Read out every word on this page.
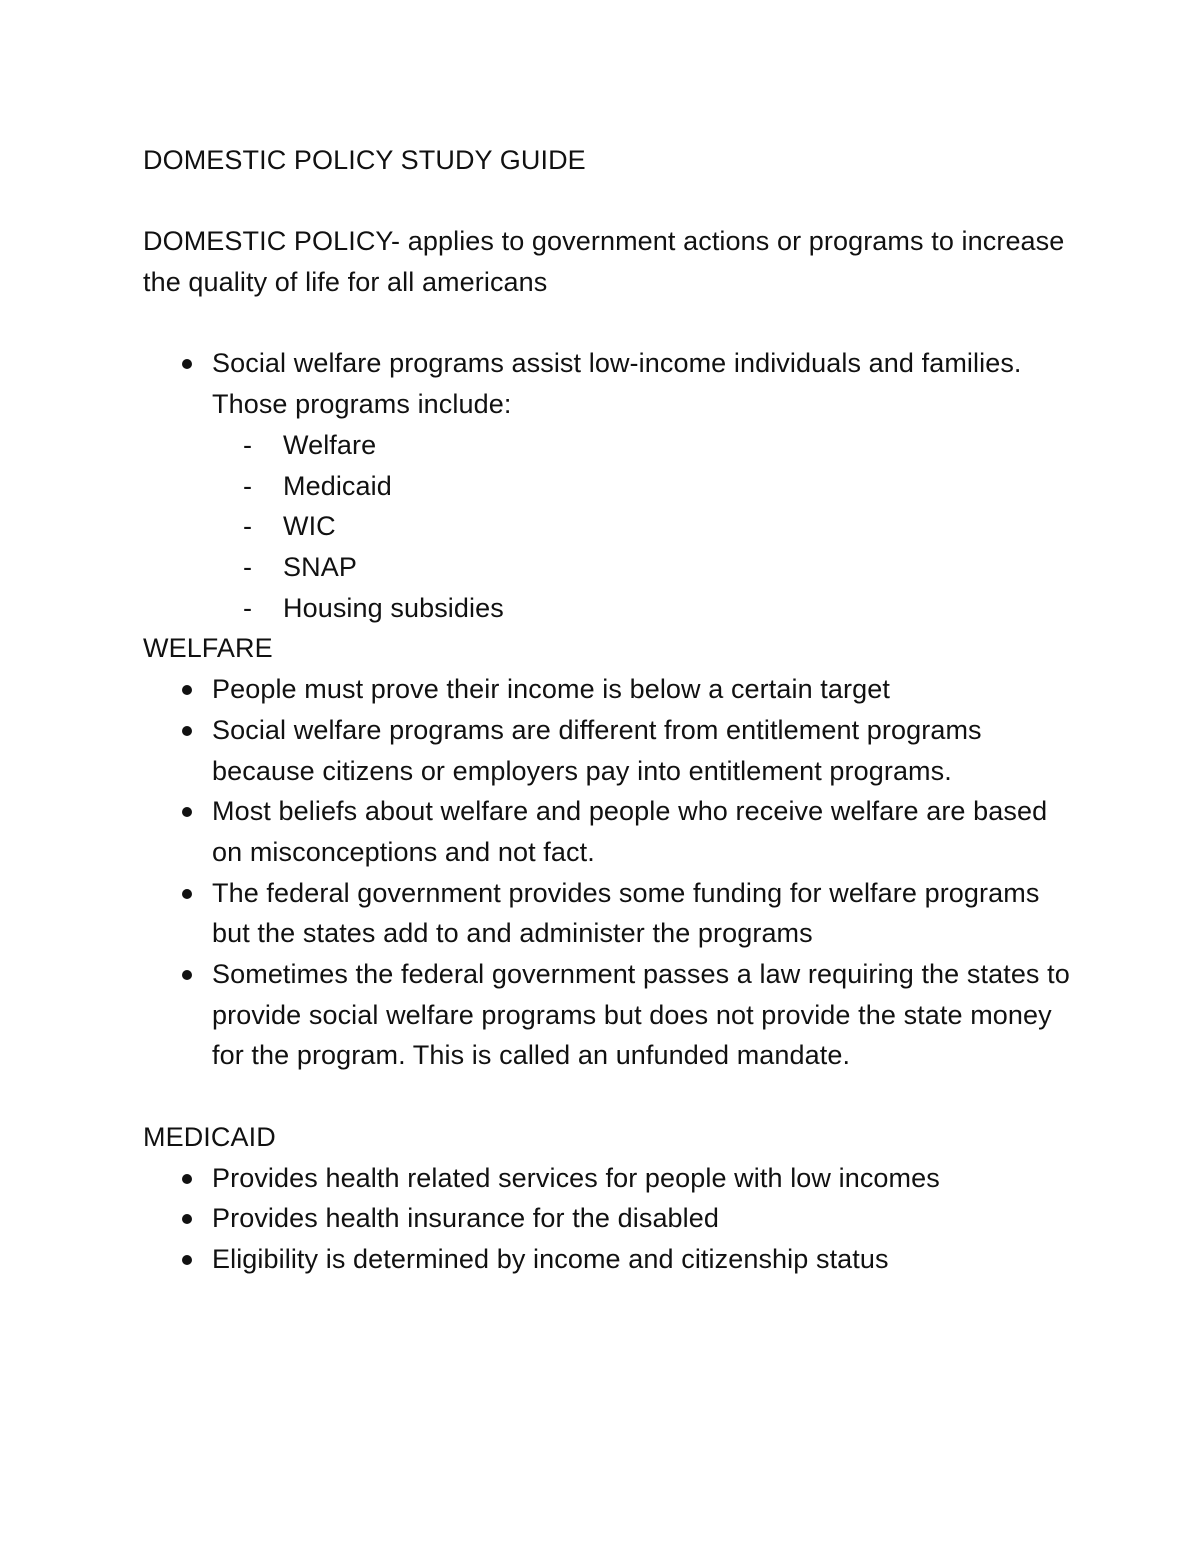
DOMESTIC POLICY STUDY GUIDE

DOMESTIC POLICY- applies to government actions or programs to increase the quality of life for all americans

Social welfare programs assist low-income individuals and families. Those programs include:
- Welfare
- Medicaid
- WIC
- SNAP
- Housing subsidies

WELFARE

People must prove their income is below a certain target
Social welfare programs are different from entitlement programs because citizens or employers pay into entitlement programs.
Most beliefs about welfare and people who receive welfare are based on misconceptions and not fact.
The federal government provides some funding for welfare programs but the states add to and administer the programs
Sometimes the federal government passes a law requiring the states to provide social welfare programs but does not provide the state money for the program. This is called an unfunded mandate.

MEDICAID

Provides health related services for people with low incomes
Provides health insurance for the disabled
Eligibility is determined by income and citizenship status
